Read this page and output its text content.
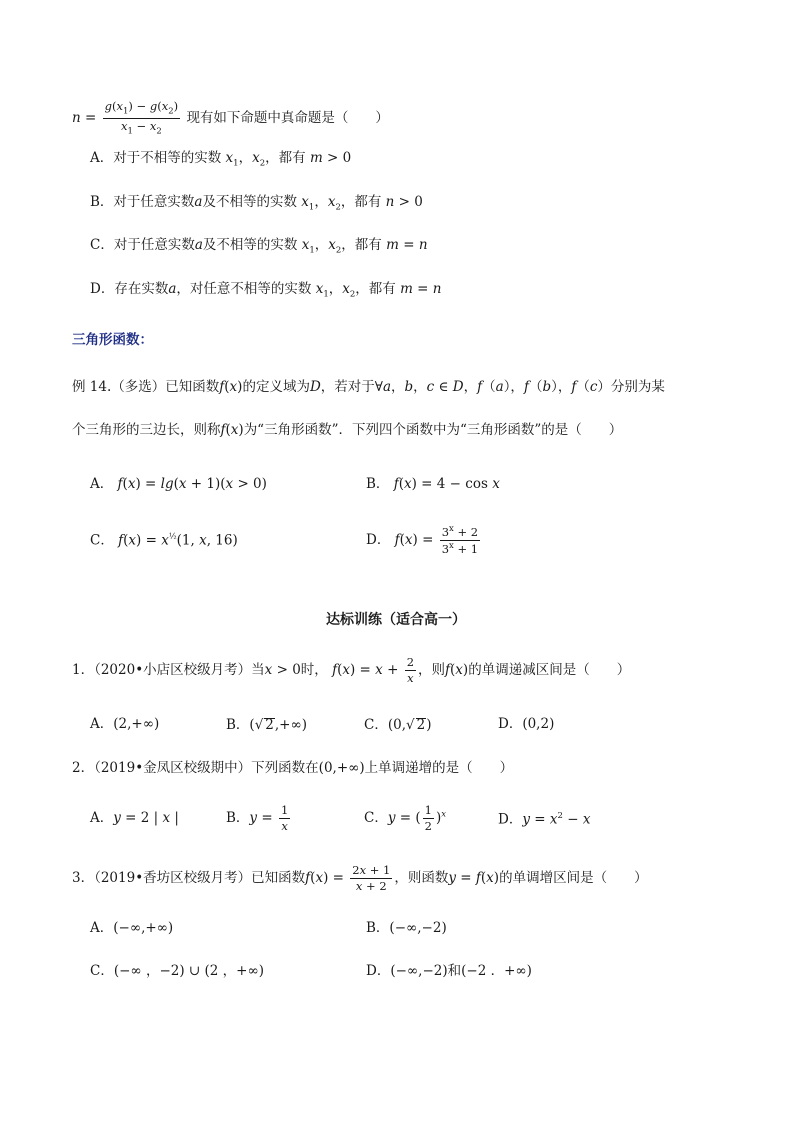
$n = \frac{g(x_1) - g(x_2)}{x_1 - x_2}$ 现有如下命题中真命题是（　　）
A．对于不相等的实数 $x_1$，$x_2$，都有 m > 0
B．对于任意实数a及不相等的实数 $x_1$，$x_2$，都有 n > 0
C．对于任意实数a及不相等的实数 $x_1$，$x_2$，都有 m = n
D．存在实数a，对任意不相等的实数 $x_1$，$x_2$，都有 m = n
三角形函数：
例 14.（多选）已知函数f(x)的定义域为D，若对于∀a，b，c ∈ D，f（a），f（b），f（c）分别为某
个三角形的三边长，则称f(x)为“三角形函数”．下列四个函数中为“三角形函数”的是（　　）
A． f(x) = lg(x + 1)(x > 0)	B． f(x) = 4 − cos x
C． $f(x) = x^{\frac{1}{2}}(1$, x, 16)	D． $f(x) = \frac{3^x + 2}{3^x + 1}$
达标训练（适合高一）
1．（2020•小店区校级月考）当x > 0时， $f(x) = x + \frac{2}{x}$ ，则f(x)的单调递减区间是（　　）
A．(2,+∞)	B．(√ 2,+∞)	C．(0,√ 2)	D．(0,2)
2．（2019•金凤区校级期中）下列函数在(0,+∞)上单调递增的是（　　）
A．y = 2 | x |	B．$y = \frac{1}{x}$	C．y = ( $\frac{1}{2} )^x$	D．$y = x^2 - x$
3．（2019•香坊区校级月考）已知函数$f(x) = \frac{2x + 1}{x + 2}$ ，则函数y = f(x)的单调增区间是（　　）
A．(−∞,+∞)	B．(−∞,−2)
C．(−∞ ，−2) ∪ (2 ，+∞)	D．(−∞,−2)和(−2 ．+∞)
